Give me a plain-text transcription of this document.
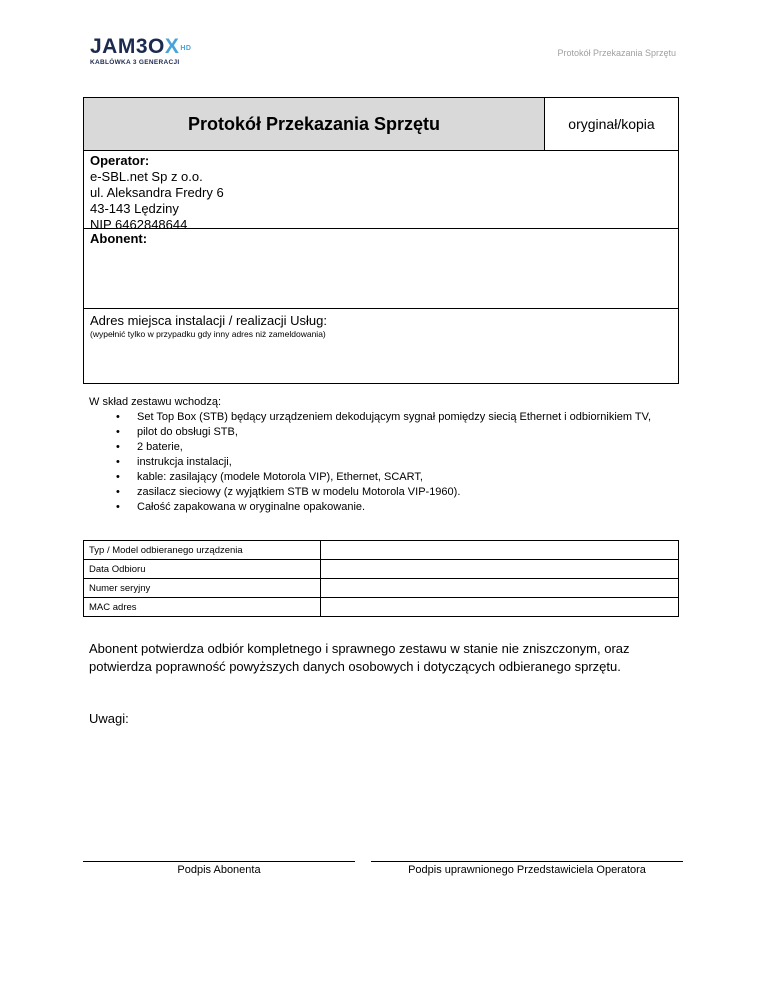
$JAM3OX^{HD}$
KABLÓWKA 3 GENERACJI
Protokół Przekazania Sprzętu
Protokół Przekazania Sprzętu	oryginał/kopia
Operator:
e-SBL.net Sp z o.o.
ul. Aleksandra Fredry 6
43-143 Lędziny
NIP 6462848644
Abonent:
Adres miejsca instalacji / realizacji Usług:
(wypełnić tylko w przypadku gdy inny adres niż zameldowania)
W skład zestawu wchodzą:
• Set Top Box (STB) będący urządzeniem dekodującym sygnał pomiędzy siecią Ethernet i odbiornikiem TV,
• pilot do obsługi STB,
• 2 baterie,
• instrukcja instalacji,
• kable: zasilający (modele Motorola VIP), Ethernet, SCART,
• zasilacz sieciowy (z wyjątkiem STB w modelu Motorola VIP-1960).
• Całość zapakowana w oryginalne opakowanie.
Typ / Model odbieranego urządzenia	
Data Odbioru	
Numer seryjny	
MAC adres	
Abonent potwierdza odbiór kompletnego i sprawnego zestawu w stanie nie zniszczonym, oraz potwierdza poprawność powyższych danych osobowych i dotyczących odbieranego sprzętu.
Uwagi:
Podpis Abonenta	Podpis uprawnionego Przedstawiciela Operatora
